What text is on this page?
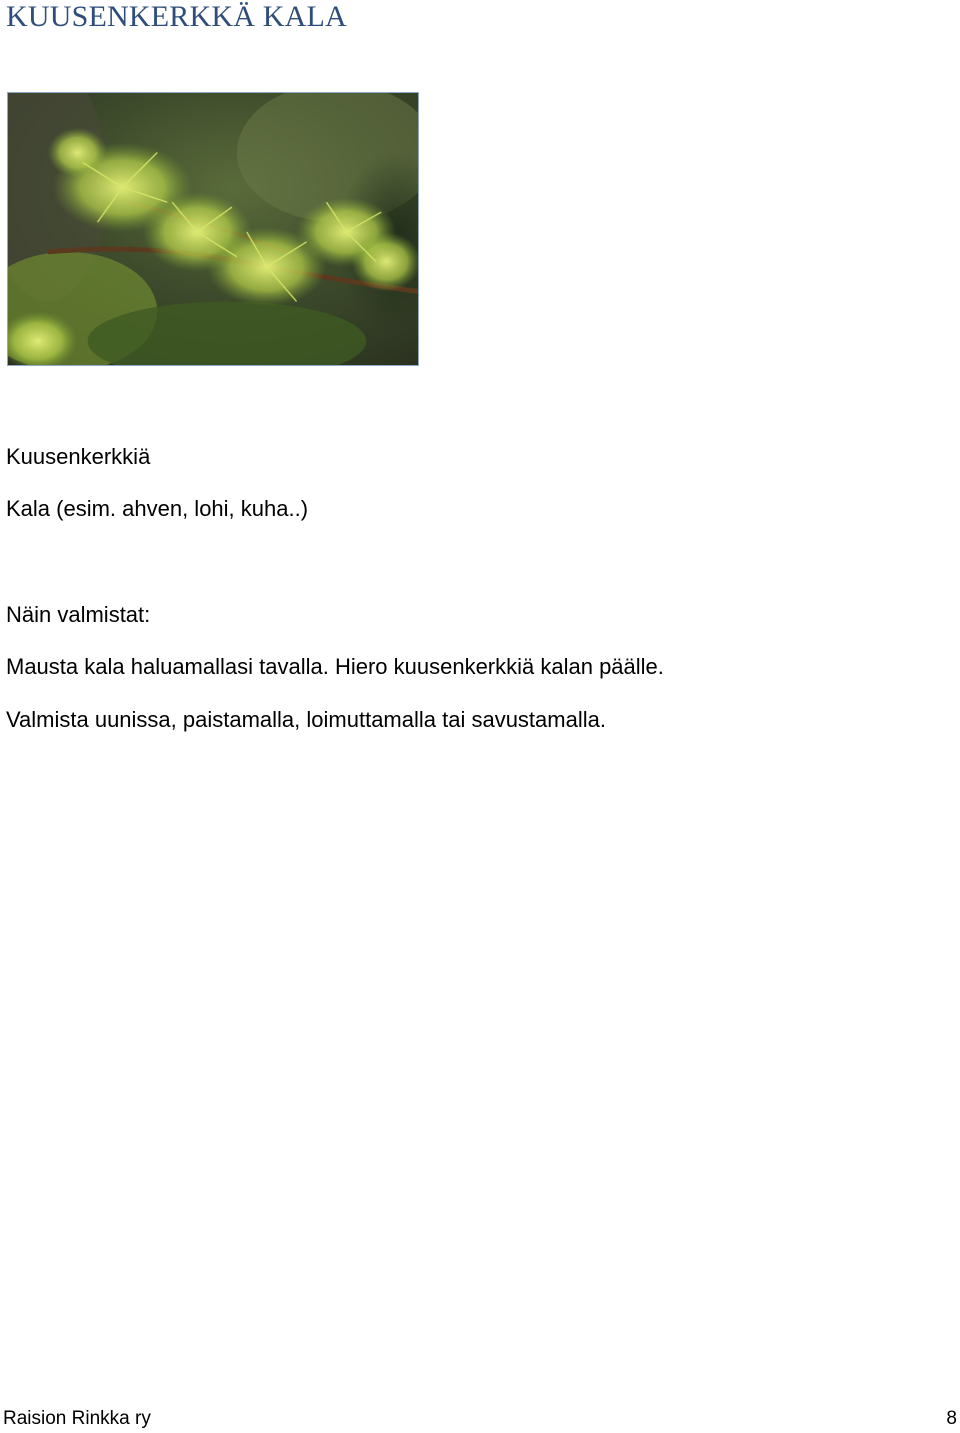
KUUSENKERKKÄ KALA
Kuusenkerkkiä
Kala (esim. ahven, lohi, kuha..)
Näin valmistat:
Mausta kala haluamallasi tavalla. Hiero kuusenkerkkiä kalan päälle.
Valmista uunissa, paistamalla, loimuttamalla tai savustamalla.
Raision Rinkka ry	8
